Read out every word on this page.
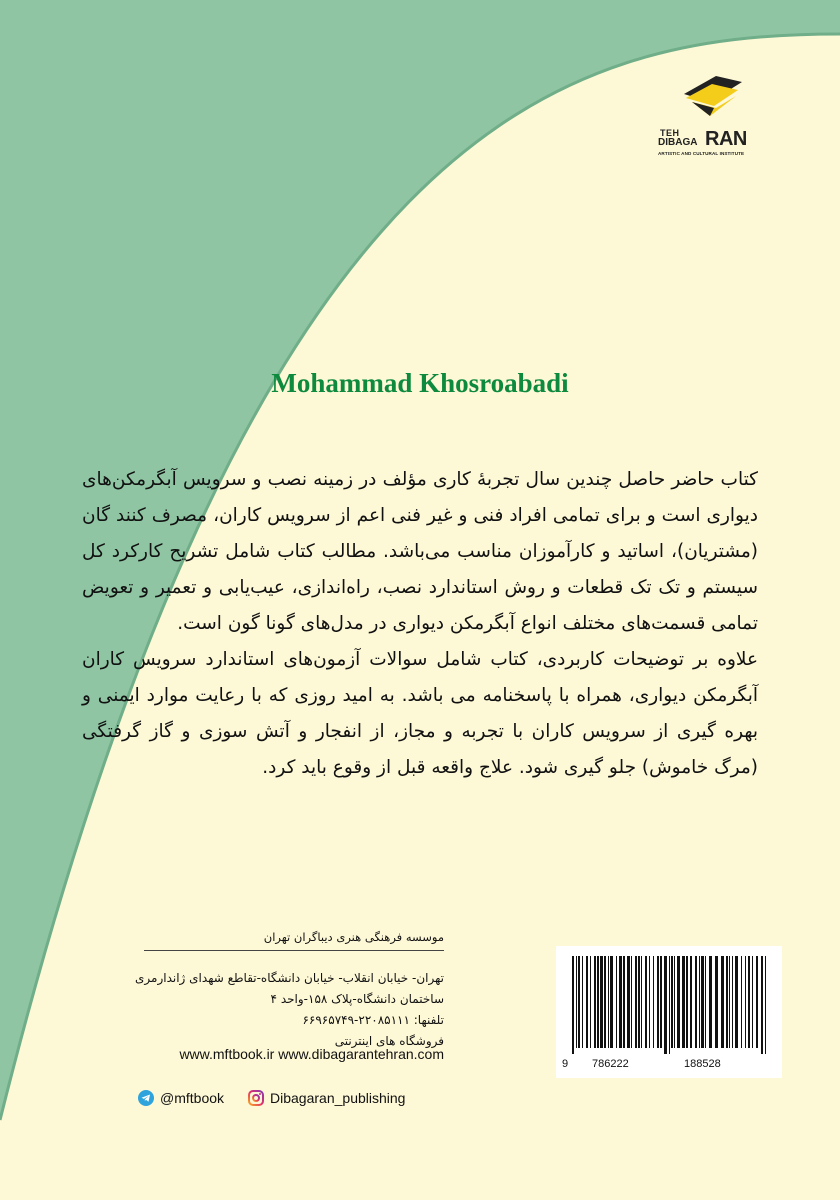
TEH
DIBAGA RAN
ARTISTIC AND CULTURAL INSTITUTE
Mohammad Khosroabadi

کتاب حاضر حاصل چندین سال تجربهٔ کاری مؤلف در زمینه نصب و سرویس آبگرمکن‌های دیواری است و برای تمامی افراد فنی و غیر فنی اعم از سرویس کاران، مصرف کنند گان (مشتریان)، اساتید و کارآموزان مناسب می‌باشد. مطالب کتاب شامل تشریح کارکرد کل سیستم و تک تک قطعات و روش استاندارد نصب، راه‌اندازی، عیب‌یابی و تعمیر و تعویض تمامی قسمت‌های مختلف انواع آبگرمکن دیواری در مدل‌های گونا گون است.

علاوه بر توضیحات کاربردی، کتاب شامل سوالات آزمون‌های استاندارد سرویس کاران آبگرمکن دیواری، همراه با پاسخنامه می باشد. به امید روزی که با رعایت موارد ایمنی و بهره گیری از سرویس کاران با تجربه و مجاز، از انفجار و آتش سوزی و گاز گرفتگی (مرگ خاموش) جلو گیری شود. علاج واقعه قبل از وقوع باید کرد.

موسسه فرهنگی هنری دیباگران تهران
تهران- خیابان انقلاب- خیابان دانشگاه-تقاطع شهدای ژاندارمری
ساختمان دانشگاه-پلاک ۱۵۸-واحد ۴
تلفنها: ۲۲۰۸۵۱۱۱-۶۶۹۶۵۷۴۹
فروشگاه های اینترنتی
www.mftbook.ir www.dibagarantehran.com
@mftbook	Dibagaran_publishing
9 786222	188528
